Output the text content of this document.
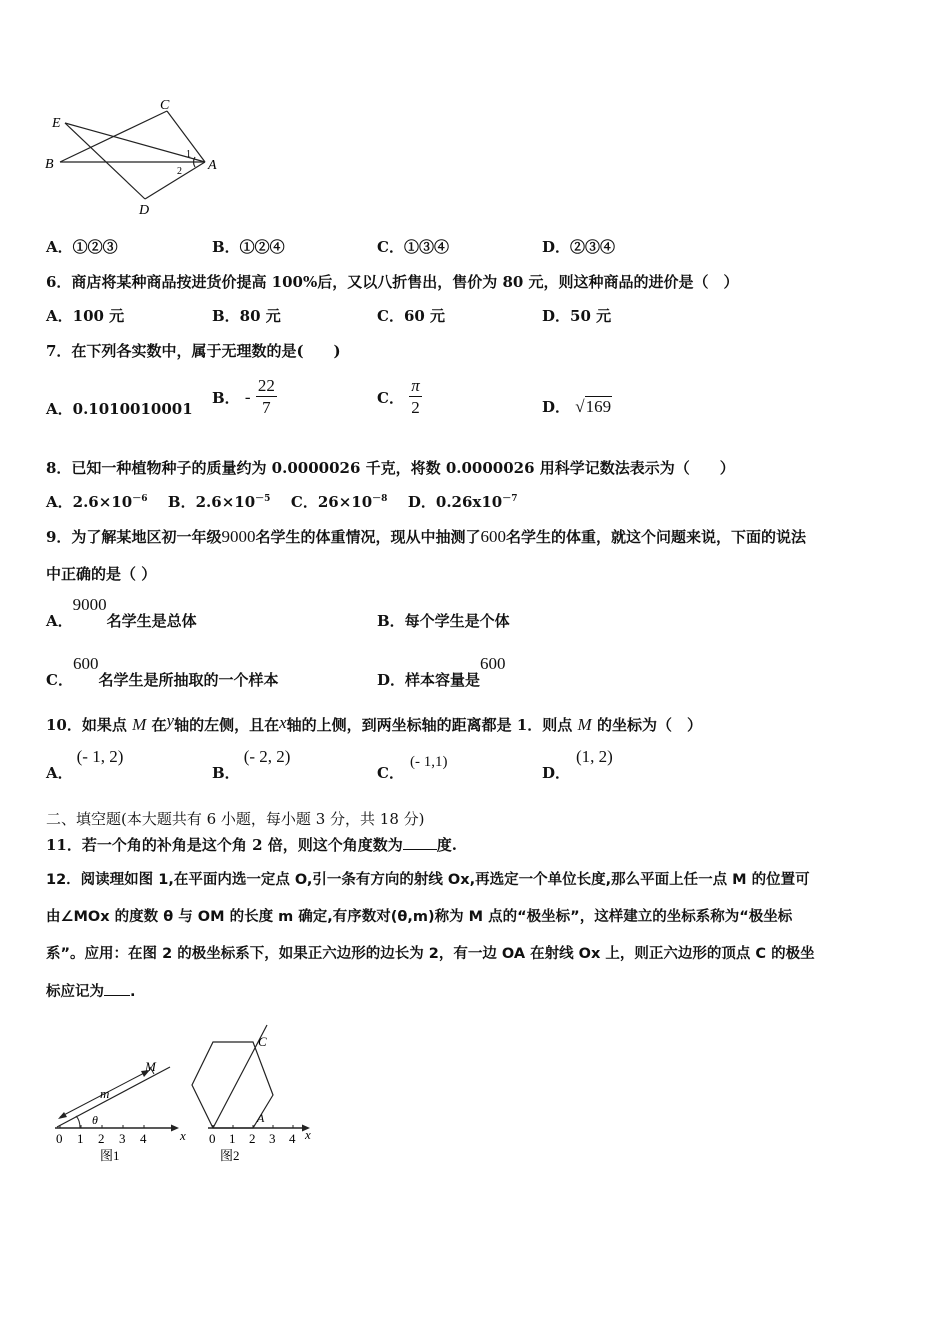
E
C
B	A
D
1
2
A．①②③	B．①②④	C．①③④	D．②③④
6．商店将某种商品按进货价提高 100%后，又以八折售出，售价为 80 元，则这种商品的进价是（　）
A．100 元	B．80 元	C．60 元	D．50 元
7．在下列各实数中，属于无理数的是(　　)
A．0.1010010001
B． - $\frac{22}{7}$	C． $\frac{\pi}{2}$	D． √169
8．已知一种植物种子的质量约为 0.0000026 千克，将数 0.0000026 用科学记数法表示为（　　）
A．$2.6\times 10^{-6}$ B．$2.6\times 10^{-5}$ C．$26\times 10^{-8}$ D．$0.26x10^{-7}$
9．为了解某地区初一年级9000名学生的体重情况，现从中抽测了600名学生的体重，就这个问题来说，下面的说法
中正确的是（ ）
A．9000名学生是总体	B．每个学生是个体
C．600名学生是所抽取的一个样本	D．样本容量是600
10．如果点 M 在y轴的左侧，且在x轴的上侧，到两坐标轴的距离都是 1．则点 M 的坐标为（　）
A．(- 1, 2)
B．(- 2, 2)
C．(- 1,1)
D．(1, 2)
二、填空题(本大题共有 6 小题，每小题 3 分，共 18 分)
11．若一个角的补角是这个角 2 倍，则这个角度数为 度.
12．阅读理如图 1,在平面内选一定点 O,引一条有方向的射线 Ox,再选定一个单位长度,那么平面上任一点 M 的位置可
由∠MOx 的度数 θ 与 OM 的长度 m 确定,有序数对(θ,m)称为 M 点的“极坐标”，这样建立的坐标系称为“极坐标
系”。应用：在图 2 的极坐标系下，如果正六边形的边长为 2，有一边 OA 在射线 Ox 上，则正六边形的顶点 C 的极坐
标应记为 .
0 1 2 3 4	x
m
M
θ
图1
0 1 2 3 4 x
C
A
图2
